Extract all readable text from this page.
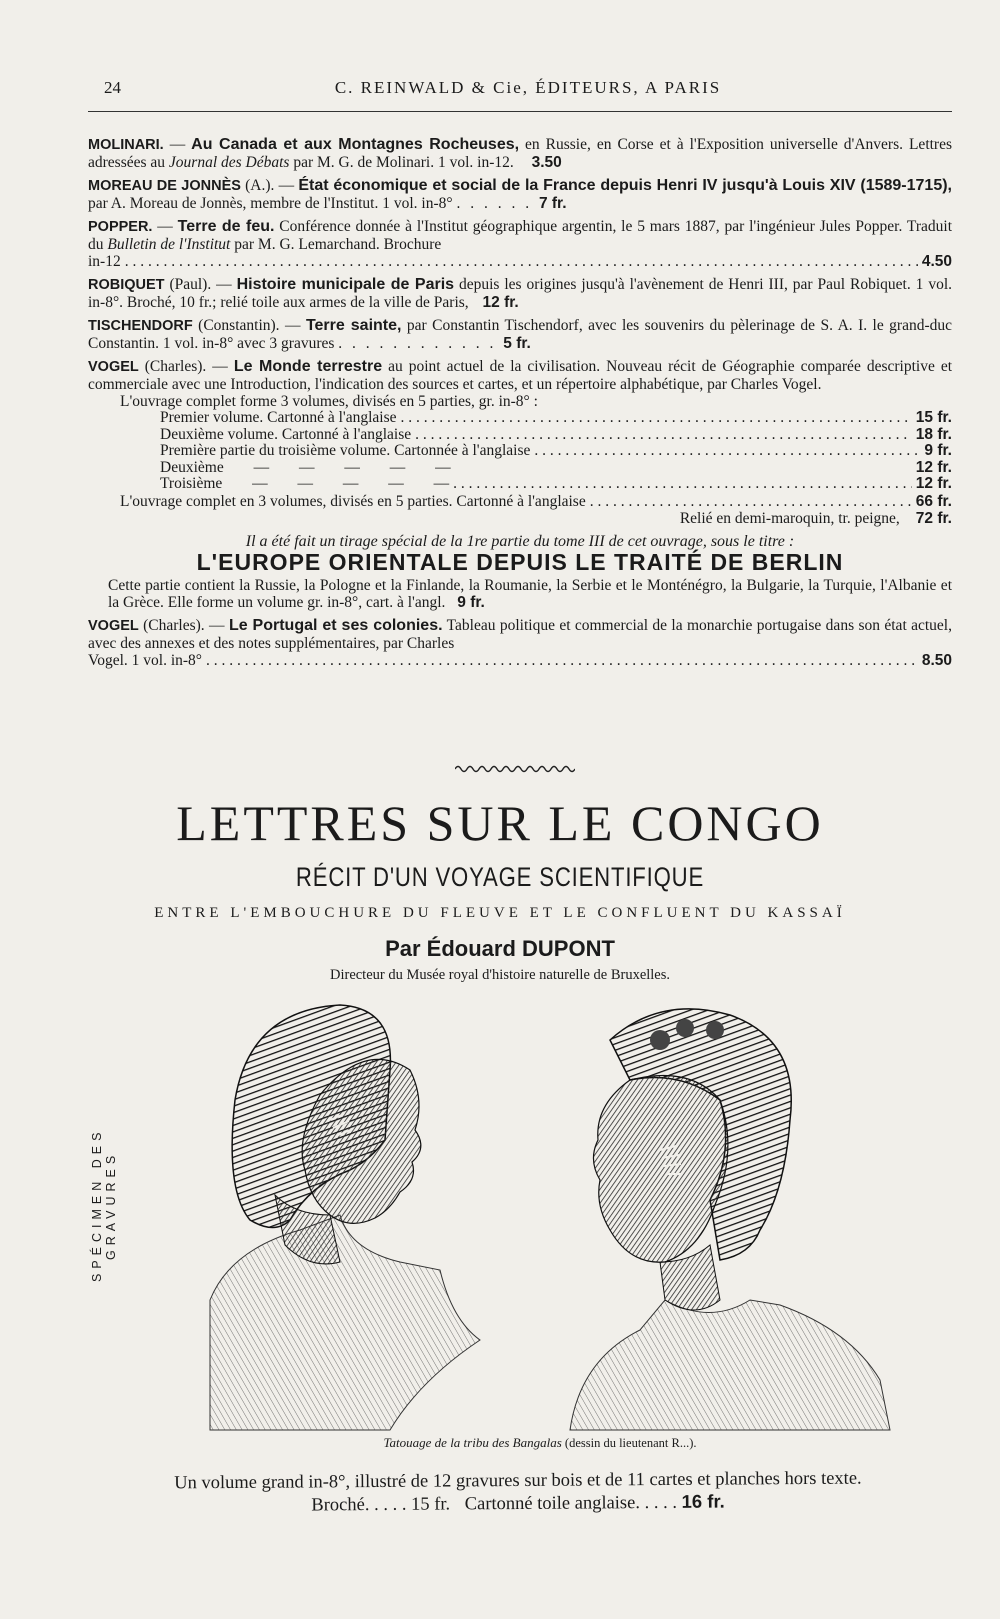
24	C. REINWALD & Cie, ÉDITEURS, A PARIS
MOLINARI. — Au Canada et aux Montagnes Rocheuses, en Russie, en Corse et à l'Exposition universelle d'Anvers. Lettres adressées au Journal des Débats par M. G. de Molinari. 1 vol. in-12. 3.50
MOREAU DE JONNÈS (A.). — État économique et social de la France depuis Henri IV jusqu'à Louis XIV (1589-1715), par A. Moreau de Jonnès, membre de l'Institut. 1 vol. in-8° . . . . . . 7 fr.
POPPER. — Terre de feu. Conférence donnée à l'Institut géographique argentin, le 5 mars 1887, par l'ingénieur Jules Popper. Traduit du Bulletin de l'Institut par M. G. Lemarchand. Brochure
in-12 . . .	4.50
ROBIQUET (Paul). — Histoire municipale de Paris depuis les origines jusqu'à l'avènement de Henri III, par Paul Robiquet. 1 vol. in-8°. Broché, 10 fr.; relié toile aux armes de la ville de Paris, 12 fr.
TISCHENDORF (Constantin). — Terre sainte, par Constantin Tischendorf, avec les souvenirs du pèlerinage de S. A. I. le grand-duc Constantin. 1 vol. in-8° avec 3 gravures . . . . . . . . . . . . 5 fr.
VOGEL (Charles). — Le Monde terrestre au point actuel de la civilisation. Nouveau récit de Géographie comparée descriptive et commerciale avec une Introduction, l'indication des sources et cartes, et un répertoire alphabétique, par Charles Vogel.
L'ouvrage complet forme 3 volumes, divisés en 5 parties, gr. in-8° :
Premier volume. Cartonné à l'anglaise . . .	15 fr.
Deuxième volume. Cartonné à l'anglaise . . .	18 fr.
Première partie du troisième volume. Cartonnée à l'anglaise . . .	9 fr.
Deuxième — — — — —	12 fr.
Troisième — — — — — . . .	12 fr.
L'ouvrage complet en 3 volumes, divisés en 5 parties. Cartonné à l'anglaise . . .	66 fr.
Relié en demi-maroquin, tr. peigne, 72 fr.
Il a été fait un tirage spécial de la 1re partie du tome III de cet ouvrage, sous le titre :
L'EUROPE ORIENTALE DEPUIS LE TRAITÉ DE BERLIN
Cette partie contient la Russie, la Pologne et la Finlande, la Roumanie, la Serbie et le Monténégro, la Bulgarie, la Turquie, l'Albanie et la Grèce. Elle forme un volume gr. in-8°, cart. à l'angl. 9 fr.
VOGEL (Charles). — Le Portugal et ses colonies. Tableau politique et commercial de la monarchie portugaise dans son état actuel, avec des annexes et des notes supplémentaires, par Charles
Vogel. 1 vol. in-8° . . .	8.50
LETTRES SUR LE CONGO
RÉCIT D'UN VOYAGE SCIENTIFIQUE
ENTRE L'EMBOUCHURE DU FLEUVE ET LE CONFLUENT DU KASSAÏ
Par Édouard DUPONT
Directeur du Musée royal d'histoire naturelle de Bruxelles.
SPÉCIMEN DES GRAVURES
Tatouage de la tribu des Bangalas (dessin du lieutenant R...).
Un volume grand in-8°, illustré de 12 gravures sur bois et de 11 cartes et planches hors texte.
Broché. . . . . 15 fr. Cartonné toile anglaise. . . . . 16 fr.
